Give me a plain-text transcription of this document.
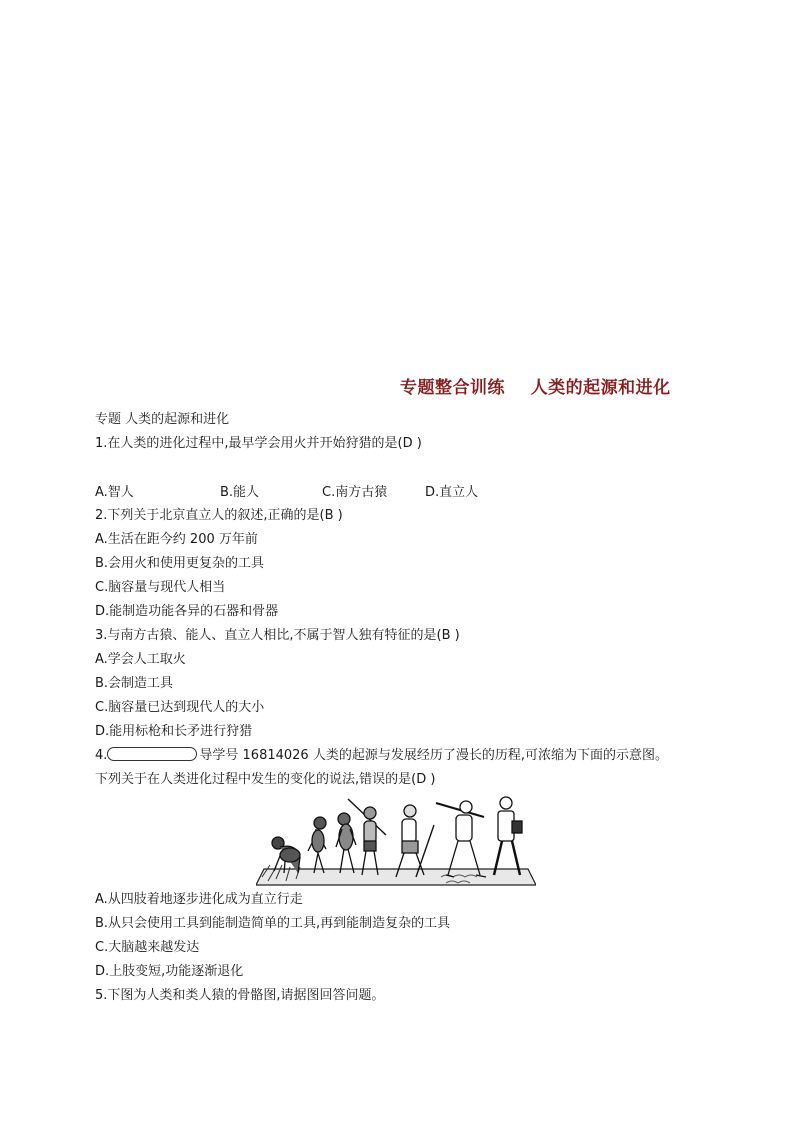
专题整合训练    人类的起源和进化
专题 人类的起源和进化
1.在人类的进化过程中,最早学会用火并开始狩猎的是(D )
A.智人	B.能人	C.南方古猿	D.直立人
2.下列关于北京直立人的叙述,正确的是(B )
A.生活在距今约 200 万年前
B.会用火和使用更复杂的工具
C.脑容量与现代人相当
D.能制造功能各异的石器和骨器
3.与南方古猿、能人、直立人相比,不属于智人独有特征的是(B )
A.学会人工取火
B.会制造工具
C.脑容量已达到现代人的大小
D.能用标枪和长矛进行狩猎
4.	导学号 16814026 人类的起源与发展经历了漫长的历程,可浓缩为下面的示意图。
下列关于在人类进化过程中发生的变化的说法,错误的是(D )
A.从四肢着地逐步进化成为直立行走
B.从只会使用工具到能制造简单的工具,再到能制造复杂的工具
C.大脑越来越发达
D.上肢变短,功能逐渐退化
5.下图为人类和类人猿的骨骼图,请据图回答问题。
